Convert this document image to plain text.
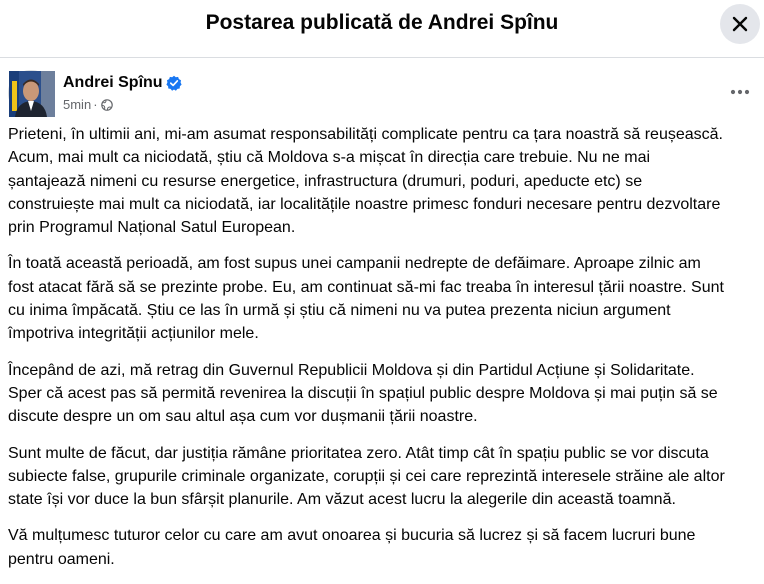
Postarea publicată de Andrei Spînu
Andrei Spînu
5min ·

Prieteni, în ultimii ani, mi-am asumat responsabilități complicate pentru ca țara noastră să reușească.
Acum, mai mult ca niciodată, știu că Moldova s-a mișcat în direcția care trebuie. Nu ne mai
șantajează nimeni cu resurse energetice, infrastructura (drumuri, poduri, apeducte etc) se
construiește mai mult ca niciodată, iar localitățile noastre primesc fonduri necesare pentru dezvoltare
prin Programul Național Satul European.

În toată această perioadă, am fost supus unei campanii nedrepte de defăimare. Aproape zilnic am
fost atacat fără să se prezinte probe. Eu, am continuat să-mi fac treaba în interesul țării noastre. Sunt
cu inima împăcată. Știu ce las în urmă și știu că nimeni nu va putea prezenta niciun argument
împotriva integrității acțiunilor mele.

Începând de azi, mă retrag din Guvernul Republicii Moldova și din Partidul Acțiune și Solidaritate.
Sper că acest pas să permită revenirea la discuții în spațiul public despre Moldova și mai puțin să se
discute despre un om sau altul așa cum vor dușmanii țării noastre.

Sunt multe de făcut, dar justiția rămâne prioritatea zero. Atât timp cât în spațiu public se vor discuta
subiecte false, grupurile criminale organizate, corupții și cei care reprezintă interesele străine ale altor
state își vor duce la bun sfârșit planurile. Am văzut acest lucru la alegerile din această toamnă.

Vă mulțumesc tuturor celor cu care am avut onoarea și bucuria să lucrez și să facem lucruri bune
pentru oameni.
